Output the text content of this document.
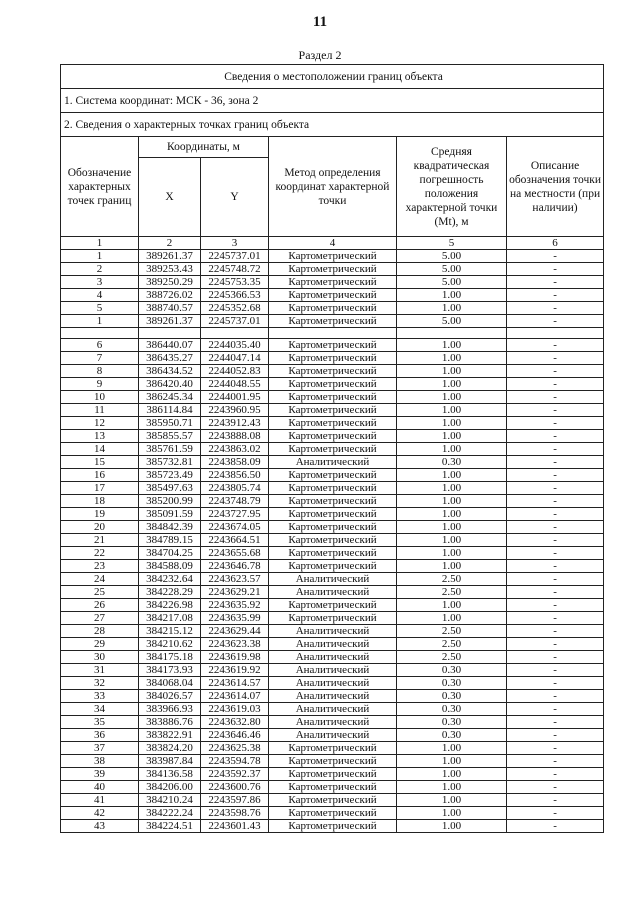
11
Раздел 2
Сведения о местоположении границ объекта					
1. Система координат: МСК - 36, зона 2					
2. Сведения о характерных точках границ объекта					
Обозначение характерных точек границ	Координаты, м		Метод определения координат характерной точки	Средняя квадратическая погрешность положения характерной точки (Mt), м	Описание обозначения точки на местности (при наличии)
	X	Y			
1	2	3	4	5	6
1	389261.37	2245737.01	Картометрический	5.00	-
2	389253.43	2245748.72	Картометрический	5.00	-
3	389250.29	2245753.35	Картометрический	5.00	-
4	388726.02	2245366.53	Картометрический	1.00	-
5	388740.57	2245352.68	Картометрический	1.00	-
1	389261.37	2245737.01	Картометрический	5.00	-

6	386440.07	2244035.40	Картометрический	1.00	-
7	386435.27	2244047.14	Картометрический	1.00	-
8	386434.52	2244052.83	Картометрический	1.00	-
9	386420.40	2244048.55	Картометрический	1.00	-
10	386245.34	2244001.95	Картометрический	1.00	-
11	386114.84	2243960.95	Картометрический	1.00	-
12	385950.71	2243912.43	Картометрический	1.00	-
13	385855.57	2243888.08	Картометрический	1.00	-
14	385761.59	2243863.02	Картометрический	1.00	-
15	385732.81	2243858.09	Аналитический	0.30	-
16	385723.49	2243856.50	Картометрический	1.00	-
17	385497.63	2243805.74	Картометрический	1.00	-
18	385200.99	2243748.79	Картометрический	1.00	-
19	385091.59	2243727.95	Картометрический	1.00	-
20	384842.39	2243674.05	Картометрический	1.00	-
21	384789.15	2243664.51	Картометрический	1.00	-
22	384704.25	2243655.68	Картометрический	1.00	-
23	384588.09	2243646.78	Картометрический	1.00	-
24	384232.64	2243623.57	Аналитический	2.50	-
25	384228.29	2243629.21	Аналитический	2.50	-
26	384226.98	2243635.92	Картометрический	1.00	-
27	384217.08	2243635.99	Картометрический	1.00	-
28	384215.12	2243629.44	Аналитический	2.50	-
29	384210.62	2243623.38	Аналитический	2.50	-
30	384175.18	2243619.98	Аналитический	2.50	-
31	384173.93	2243619.92	Аналитический	0.30	-
32	384068.04	2243614.57	Аналитический	0.30	-
33	384026.57	2243614.07	Аналитический	0.30	-
34	383966.93	2243619.03	Аналитический	0.30	-
35	383886.76	2243632.80	Аналитический	0.30	-
36	383822.91	2243646.46	Аналитический	0.30	-
37	383824.20	2243625.38	Картометрический	1.00	-
38	383987.84	2243594.78	Картометрический	1.00	-
39	384136.58	2243592.37	Картометрический	1.00	-
40	384206.00	2243600.76	Картометрический	1.00	-
41	384210.24	2243597.86	Картометрический	1.00	-
42	384222.24	2243598.76	Картометрический	1.00	-
43	384224.51	2243601.43	Картометрический	1.00	-
